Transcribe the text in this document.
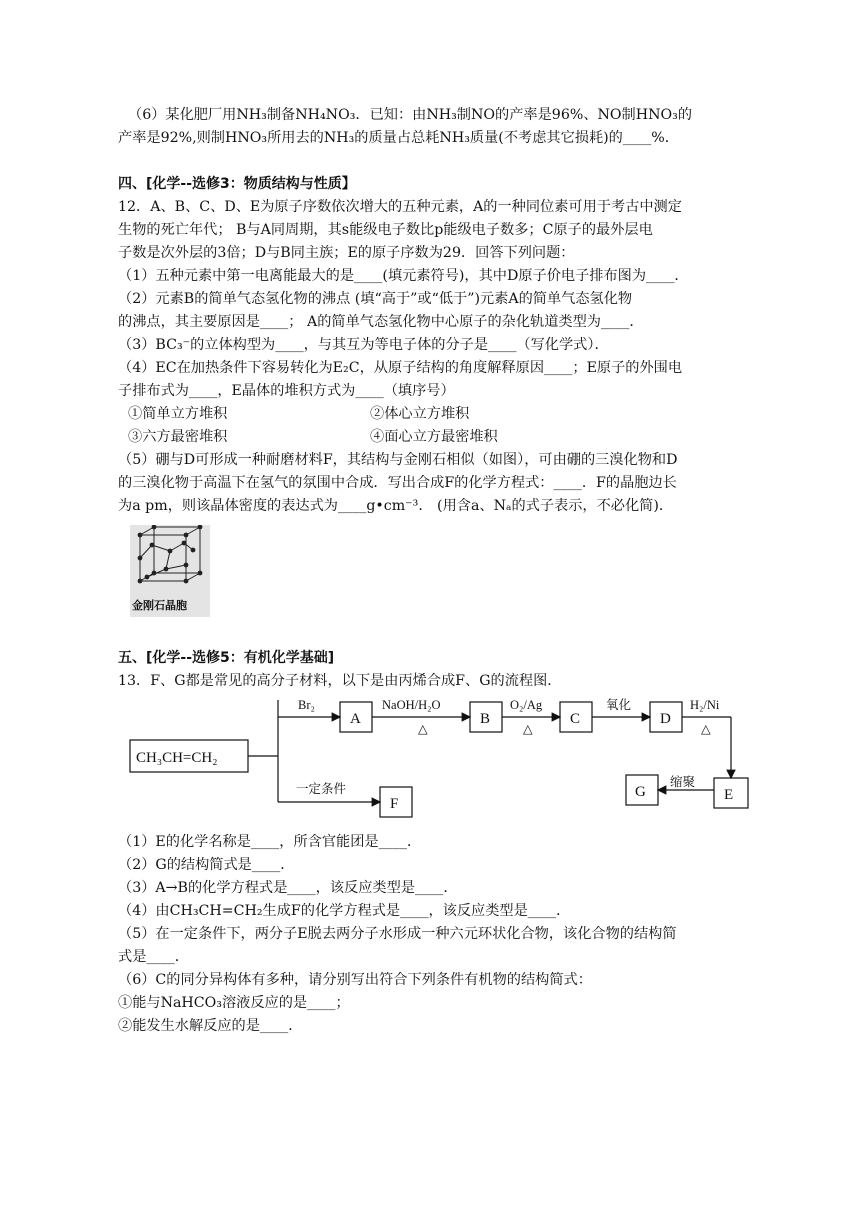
（6）某化肥厂用NH₃制备NH₄NO₃．已知：由NH₃制NO的产率是96%、NO制HNO₃的
产率是92%,则制HNO₃所用去的NH₃的质量占总耗NH₃质量(不考虑其它损耗)的____%．
四、[化学--选修3：物质结构与性质】
12．A、B、C、D、E为原子序数依次增大的五种元素，A的一种同位素可用于考古中测定
生物的死亡年代； B与A同周期，其s能级电子数比p能级电子数多；C原子的最外层电
子数是次外层的3倍；D与B同主族；E的原子序数为29．回答下列问题：
（1）五种元素中第一电离能最大的是____(填元素符号)，其中D原子价电子排布图为____．
（2）元素B的简单气态氢化物的沸点 (填“高于”或“低于”)元素A的简单气态氢化物
的沸点，其主要原因是____； A的简单气态氢化物中心原子的杂化轨道类型为____．
（3）BC₃⁻的立体构型为____，与其互为等电子体的分子是____（写化学式）．
（4）EC在加热条件下容易转化为E₂C，从原子结构的角度解释原因____；E原子的外围电
子排布式为____，E晶体的堆积方式为____（填序号）
①简单立方堆积	②体心立方堆积
③六方最密堆积	④面心立方最密堆积
（5）硼与D可形成一种耐磨材料F，其结构与金刚石相似（如图），可由硼的三溴化物和D
的三溴化物于高温下在氢气的氛围中合成．写出合成F的化学方程式：____．F的晶胞边长
为a pm，则该晶体密度的表达式为____g•cm⁻³． (用含a、Nₐ的式子表示，不必化简)．
金刚石晶胞
五、[化学--选修5：有机化学基础]
13．F、G都是常见的高分子材料，以下是由丙烯合成F、G的流程图．
CH₃CH=CH₂
A	B	C	D
E
G
F
Br₂	NaOH/H₂O	O₂/Ag	氧化	H₂/Ni
△	△	△
一定条件	缩聚
（1）E的化学名称是____，所含官能团是____．
（2）G的结构简式是____．
（3）A→B的化学方程式是____，该反应类型是____．
（4）由CH₃CH=CH₂生成F的化学方程式是____，该反应类型是____．
（5）在一定条件下，两分子E脱去两分子水形成一种六元环状化合物，该化合物的结构简
式是____．
（6）C的同分异构体有多种，请分别写出符合下列条件有机物的结构简式：
①能与NaHCO₃溶液反应的是____；
②能发生水解反应的是____．
